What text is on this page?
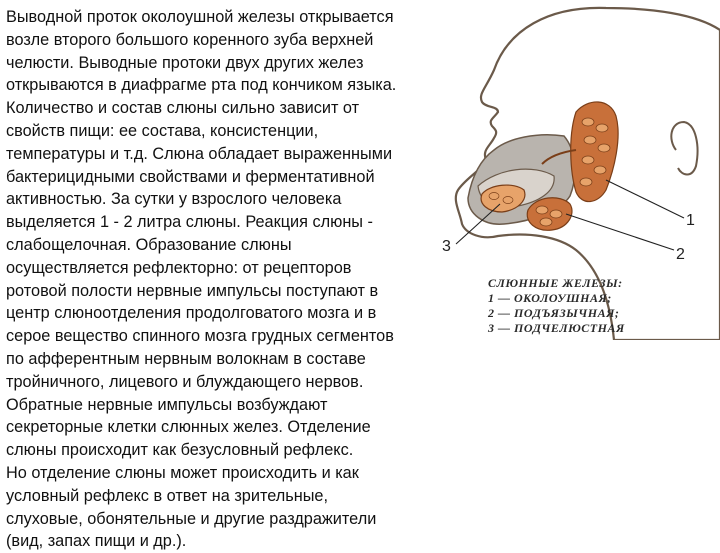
Выводной проток околоушной железы открывается
возле второго большого коренного зуба верхней
челюсти. Выводные протоки двух других желез
открываются в диафрагме рта под кончиком языка.
Количество и состав слюны сильно зависит от
свойств пищи: ее состава, консистенции,
температуры и т.д. Слюна обладает выраженными
бактерицидными свойствами и ферментативной
активностью. За сутки у взрослого человека
выделяется 1 - 2 литра слюны. Реакция слюны -
слабощелочная. Образование слюны
осуществляется рефлекторно: от рецепторов
ротовой полости нервные импульсы поступают в
центр слюноотделения продолговатого мозга и в
серое вещество спинного мозга грудных сегментов
по афферентным нервным волокнам в составе
тройничного, лицевого и блуждающего нервов.
Обратные нервные импульсы возбуждают
секреторные клетки слюнных желез. Отделение
слюны происходит как безусловный рефлекс.
Но отделение слюны может происходить и как
условный рефлекс в ответ на зрительные,
слуховые, обонятельные и другие раздражители
(вид, запах пищи и др.).
1
2
3
СЛЮННЫЕ ЖЕЛЕЗЫ:
1 — ОКОЛОУШНАЯ;
2 — ПОДЪЯЗЫЧНАЯ;
3 — ПОДЧЕЛЮСТНАЯ
